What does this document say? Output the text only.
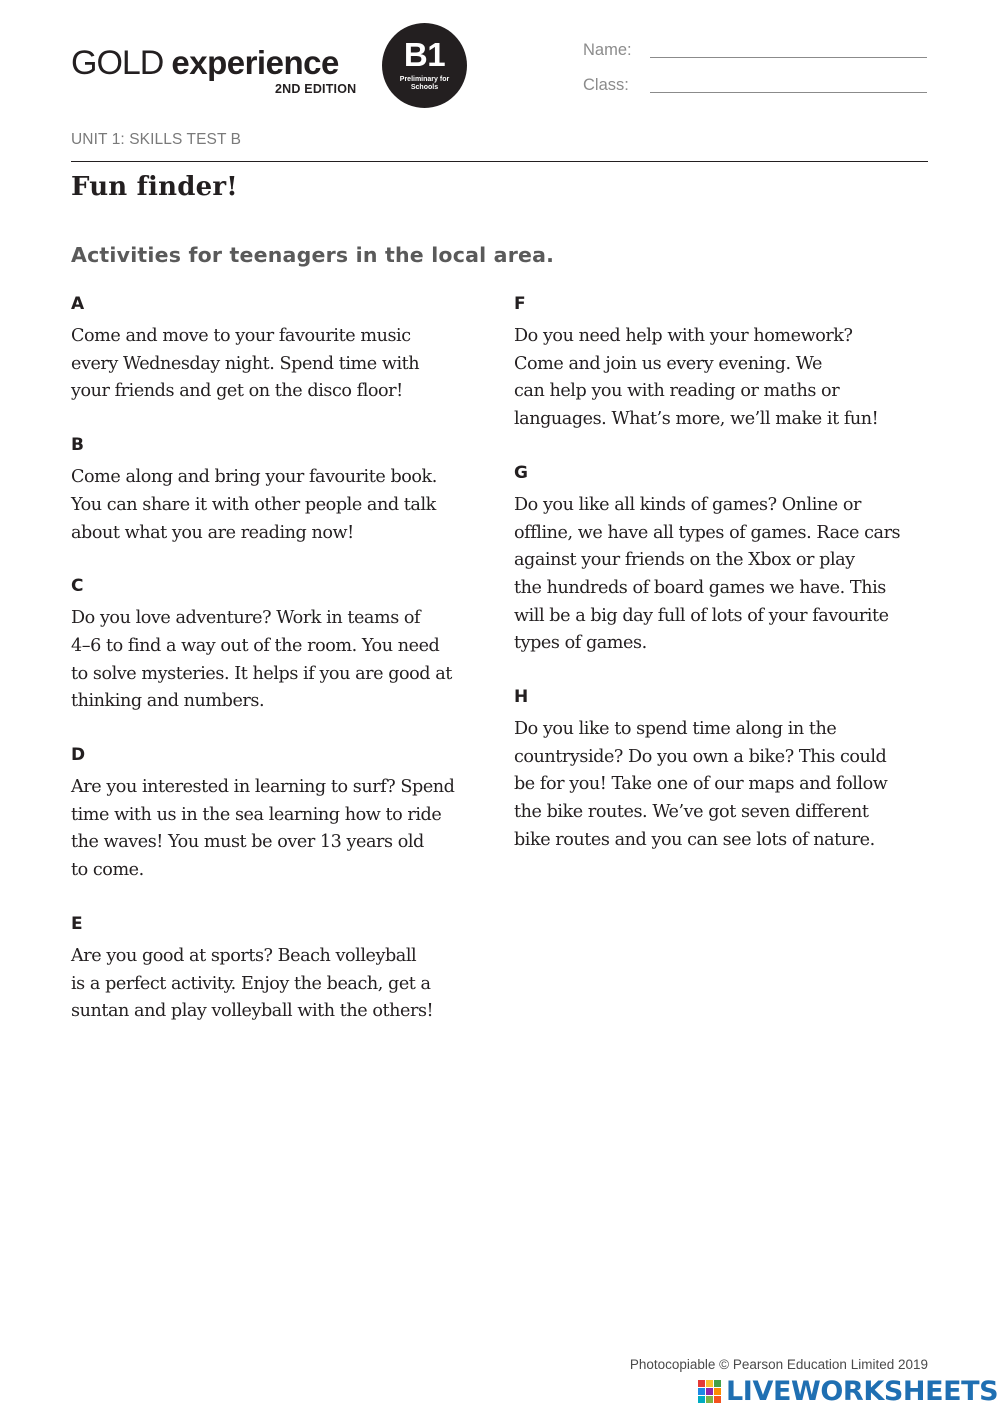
GOLD experience
2ND EDITION
B1
Preliminary for Schools
Name:
Class:
UNIT 1: SKILLS TEST B
Fun finder!
Activities for teenagers in the local area.
A

Come and move to your favourite music
every Wednesday night. Spend time with
your friends and get on the disco floor!

B

Come along and bring your favourite book.
You can share it with other people and talk
about what you are reading now!

C

Do you love adventure? Work in teams of
4–6 to find a way out of the room. You need
to solve mysteries. It helps if you are good at
thinking and numbers.

D

Are you interested in learning to surf? Spend
time with us in the sea learning how to ride
the waves! You must be over 13 years old
to come.

E

Are you good at sports? Beach volleyball
is a perfect activity. Enjoy the beach, get a
suntan and play volleyball with the others!

F

Do you need help with your homework?
Come and join us every evening. We
can help you with reading or maths or
languages. What’s more, we’ll make it fun!

G

Do you like all kinds of games? Online or
offline, we have all types of games. Race cars
against your friends on the Xbox or play
the hundreds of board games we have. This
will be a big day full of lots of your favourite
types of games.

H

Do you like to spend time along in the
countryside? Do you own a bike? This could
be for you! Take one of our maps and follow
the bike routes. We’ve got seven different
bike routes and you can see lots of nature.

Photocopiable © Pearson Education Limited 2019
LIVEWORKSHEETS
